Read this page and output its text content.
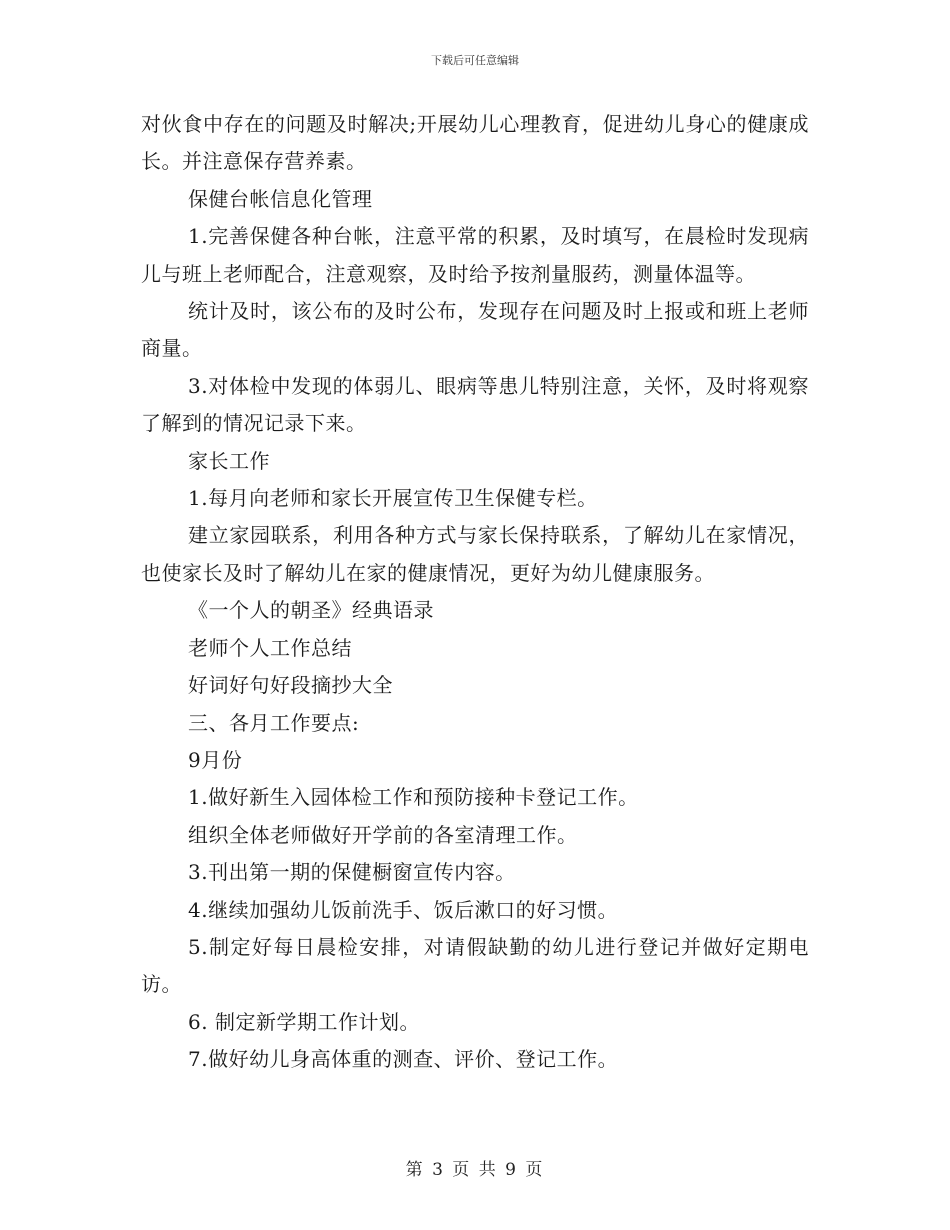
下载后可任意编辑

对伙食中存在的问题及时解决;开展幼儿心理教育，促进幼儿身心的健康成长。并注意保存营养素。

保健台帐信息化管理

1.完善保健各种台帐，注意平常的积累，及时填写，在晨检时发现病儿与班上老师配合，注意观察，及时给予按剂量服药，测量体温等。

统计及时，该公布的及时公布，发现存在问题及时上报或和班上老师商量。

3.对体检中发现的体弱儿、眼病等患儿特别注意，关怀，及时将观察了解到的情况记录下来。

家长工作

1.每月向老师和家长开展宣传卫生保健专栏。

建立家园联系，利用各种方式与家长保持联系，了解幼儿在家情况，也使家长及时了解幼儿在家的健康情况，更好为幼儿健康服务。

《一个人的朝圣》经典语录

老师个人工作总结

好词好句好段摘抄大全

三、各月工作要点:

9月份

1.做好新生入园体检工作和预防接种卡登记工作。

组织全体老师做好开学前的各室清理工作。

3.刊出第一期的保健橱窗宣传内容。

4.继续加强幼儿饭前洗手、饭后漱口的好习惯。

5.制定好每日晨检安排，对请假缺勤的幼儿进行登记并做好定期电访。

6. 制定新学期工作计划。

7.做好幼儿身高体重的测查、评价、登记工作。

第 3 页 共 9 页
